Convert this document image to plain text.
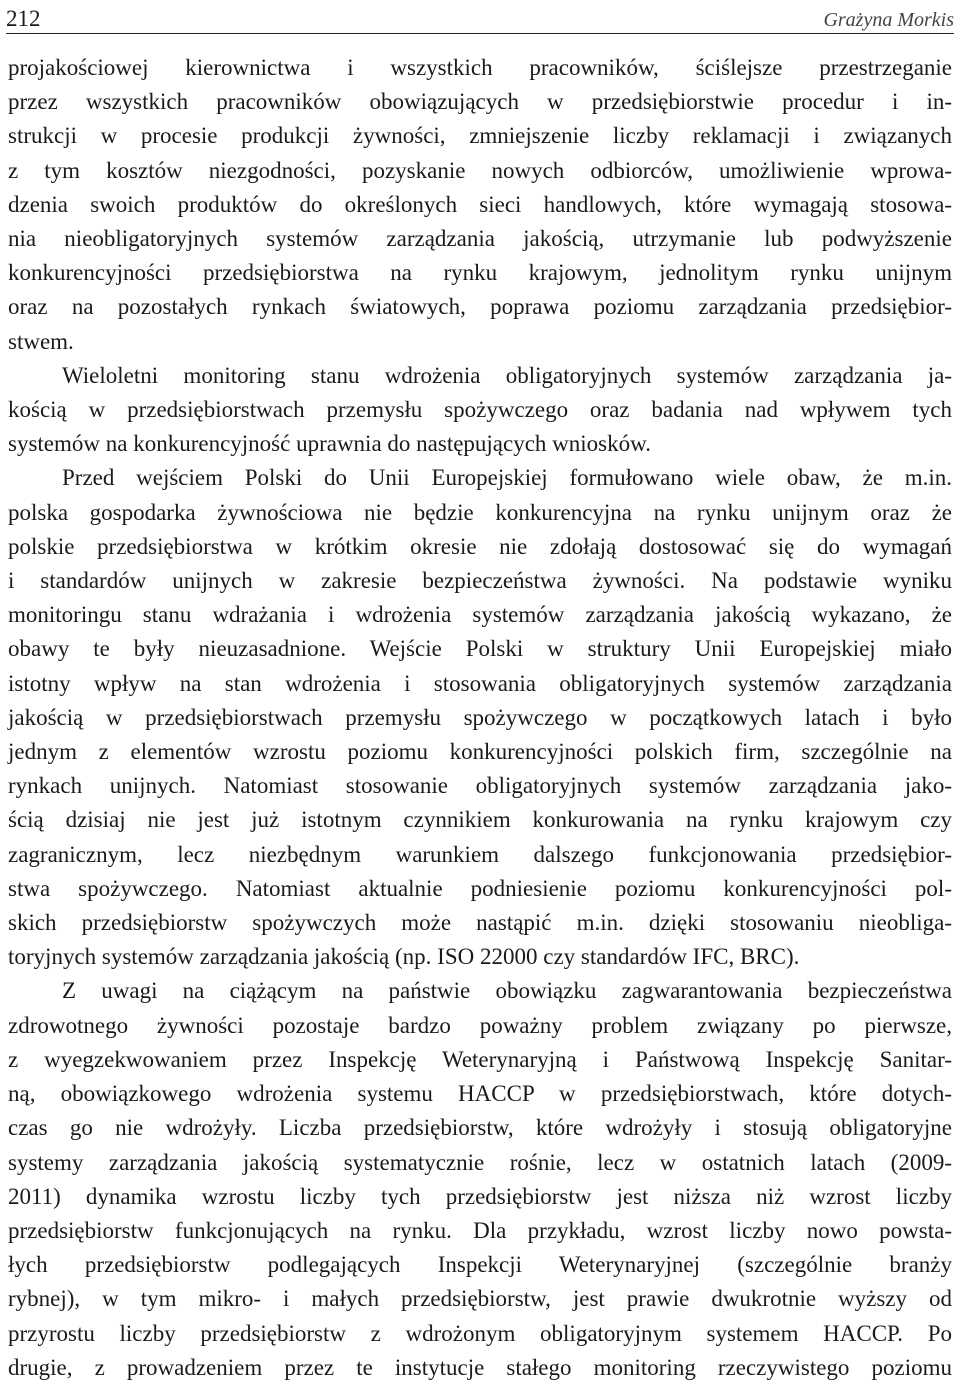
212	Grażyna Morkis
projakościowej kierownictwa i wszystkich pracowników, ściślejsze przestrzeganie
przez wszystkich pracowników obowiązujących w przedsiębiorstwie procedur i in-
strukcji w procesie produkcji żywności, zmniejszenie liczby reklamacji i związanych
z tym kosztów niezgodności, pozyskanie nowych odbiorców, umożliwienie wprowa-
dzenia swoich produktów do określonych sieci handlowych, które wymagają stosowa-
nia nieobligatoryjnych systemów zarządzania jakością, utrzymanie lub podwyższenie
konkurencyjności przedsiębiorstwa na rynku krajowym, jednolitym rynku unijnym
oraz na pozostałych rynkach światowych, poprawa poziomu zarządzania przedsiębior-
stwem.
Wieloletni monitoring stanu wdrożenia obligatoryjnych systemów zarządzania ja-
kością w przedsiębiorstwach przemysłu spożywczego oraz badania nad wpływem tych
systemów na konkurencyjność uprawnia do następujących wniosków.
Przed wejściem Polski do Unii Europejskiej formułowano wiele obaw, że m.in.
polska gospodarka żywnościowa nie będzie konkurencyjna na rynku unijnym oraz że
polskie przedsiębiorstwa w krótkim okresie nie zdołają dostosować się do wymagań
i standardów unijnych w zakresie bezpieczeństwa żywności. Na podstawie wyniku
monitoringu stanu wdrażania i wdrożenia systemów zarządzania jakością wykazano, że
obawy te były nieuzasadnione. Wejście Polski w struktury Unii Europejskiej miało
istotny wpływ na stan wdrożenia i stosowania obligatoryjnych systemów zarządzania
jakością w przedsiębiorstwach przemysłu spożywczego w początkowych latach i było
jednym z elementów wzrostu poziomu konkurencyjności polskich firm, szczególnie na
rynkach unijnych. Natomiast stosowanie obligatoryjnych systemów zarządzania jako-
ścią dzisiaj nie jest już istotnym czynnikiem konkurowania na rynku krajowym czy
zagranicznym, lecz niezbędnym warunkiem dalszego funkcjonowania przedsiębior-
stwa spożywczego. Natomiast aktualnie podniesienie poziomu konkurencyjności pol-
skich przedsiębiorstw spożywczych może nastąpić m.in. dzięki stosowaniu nieobliga-
toryjnych systemów zarządzania jakością (np. ISO 22000 czy standardów IFC, BRC).
Z uwagi na ciążącym na państwie obowiązku zagwarantowania bezpieczeństwa
zdrowotnego żywności pozostaje bardzo poważny problem związany po pierwsze,
z wyegzekwowaniem przez Inspekcję Weterynaryjną i Państwową Inspekcję Sanitar-
ną, obowiązkowego wdrożenia systemu HACCP w przedsiębiorstwach, które dotych-
czas go nie wdrożyły. Liczba przedsiębiorstw, które wdrożyły i stosują obligatoryjne
systemy zarządzania jakością systematycznie rośnie, lecz w ostatnich latach (2009-
2011) dynamika wzrostu liczby tych przedsiębiorstw jest niższa niż wzrost liczby
przedsiębiorstw funkcjonujących na rynku. Dla przykładu, wzrost liczby nowo powsta-
łych przedsiębiorstw podlegających Inspekcji Weterynaryjnej (szczególnie branży
rybnej), w tym mikro- i małych przedsiębiorstw, jest prawie dwukrotnie wyższy od
przyrostu liczby przedsiębiorstw z wdrożonym obligatoryjnym systemem HACCP. Po
drugie, z prowadzeniem przez te instytucje stałego monitoring rzeczywistego poziomu
